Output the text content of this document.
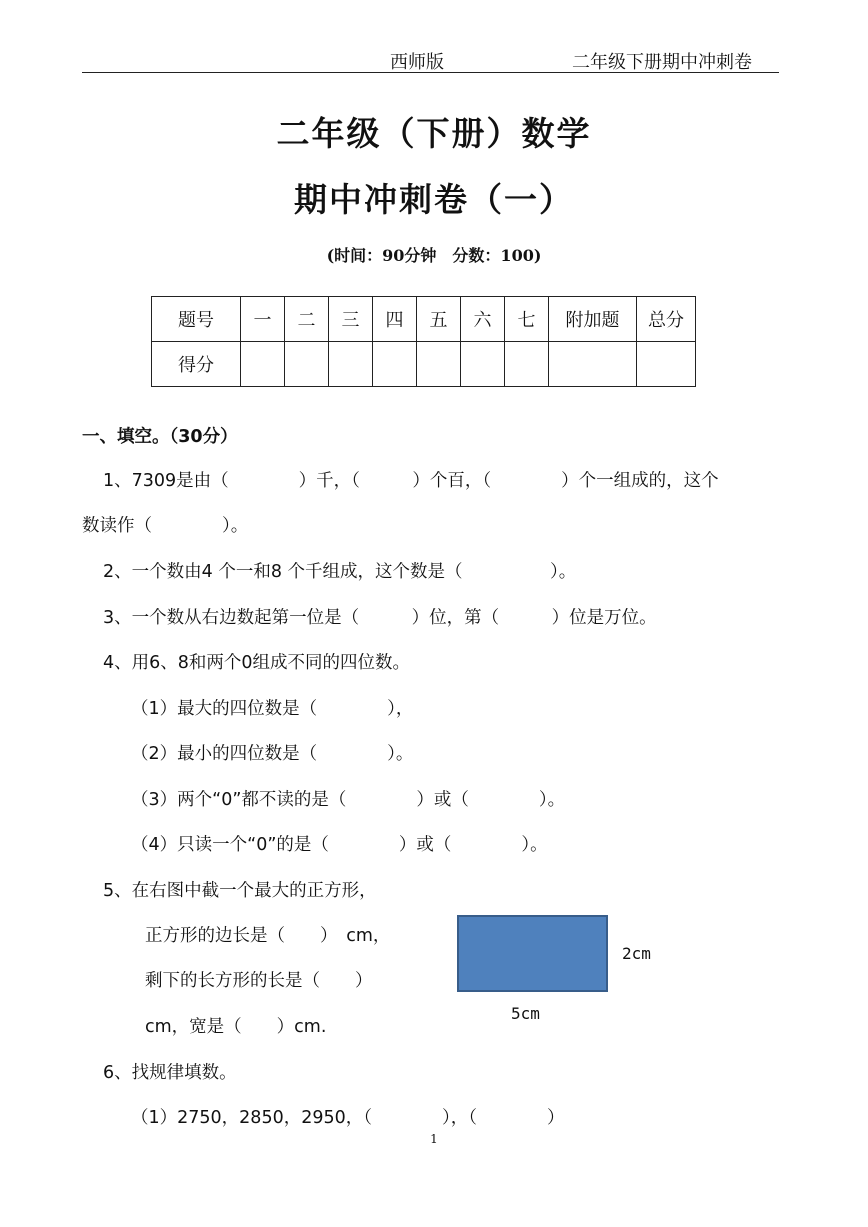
西师版	二年级下册期中冲刺卷
二年级（下册）数学
期中冲刺卷（一）
(时间：90分钟　分数：100)
题号	一	二	三	四	五	六	七	附加题	总分
得分									
一、填空。（30分）
1、7309是由（　　　　）千，（　　　）个百，（　　　　）个一组成的，这个
数读作（　　　　）。
2、一个数由4 个一和8 个千组成，这个数是（　　　　　）。
3、一个数从右边数起第一位是（　　　）位，第（　　　）位是万位。
4、用6、8和两个0组成不同的四位数。
（1）最大的四位数是（　　　　），
（2）最小的四位数是（　　　　）。
（3）两个“0”都不读的是（　　　　）或（　　　　）。
（4）只读一个“0”的是（　　　　）或（　　　　）。
5、在右图中截一个最大的正方形，
正方形的边长是（　　）　cm，
剩下的长方形的长是（　　）
cm，宽是（　　）cm.
6、找规律填数。
（1）2750，2850，2950，（　　　　），（　　　　）
2cm
5cm
1
